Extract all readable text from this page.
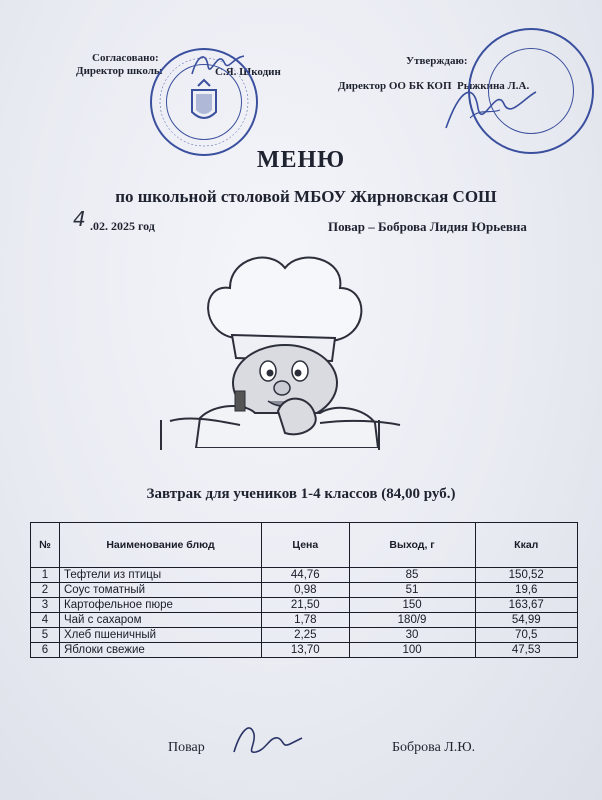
Согласовано:
Директор школы	С.Я. Шкодин
Утверждаю:
Директор ОО БК КОП Рыжкина Л.А.
МЕНЮ
по школьной столовой МБОУ Жирновская СОШ
4 .02. 2025 год	Повар – Боброва Лидия Юрьевна
Завтрак для учеников 1-4 классов (84,00 руб.)
№	Наименование блюд	Цена	Выход, г	Ккал
1	Тефтели из птицы	44,76	85	150,52
2	Соус томатный	0,98	51	19,6
3	Картофельное пюре	21,50	150	163,67
4	Чай с сахаром	1,78	180/9	54,99
5	Хлеб пшеничный	2,25	30	70,5
6	Яблоки свежие	13,70	100	47,53
Повар	Боброва Л.Ю.
